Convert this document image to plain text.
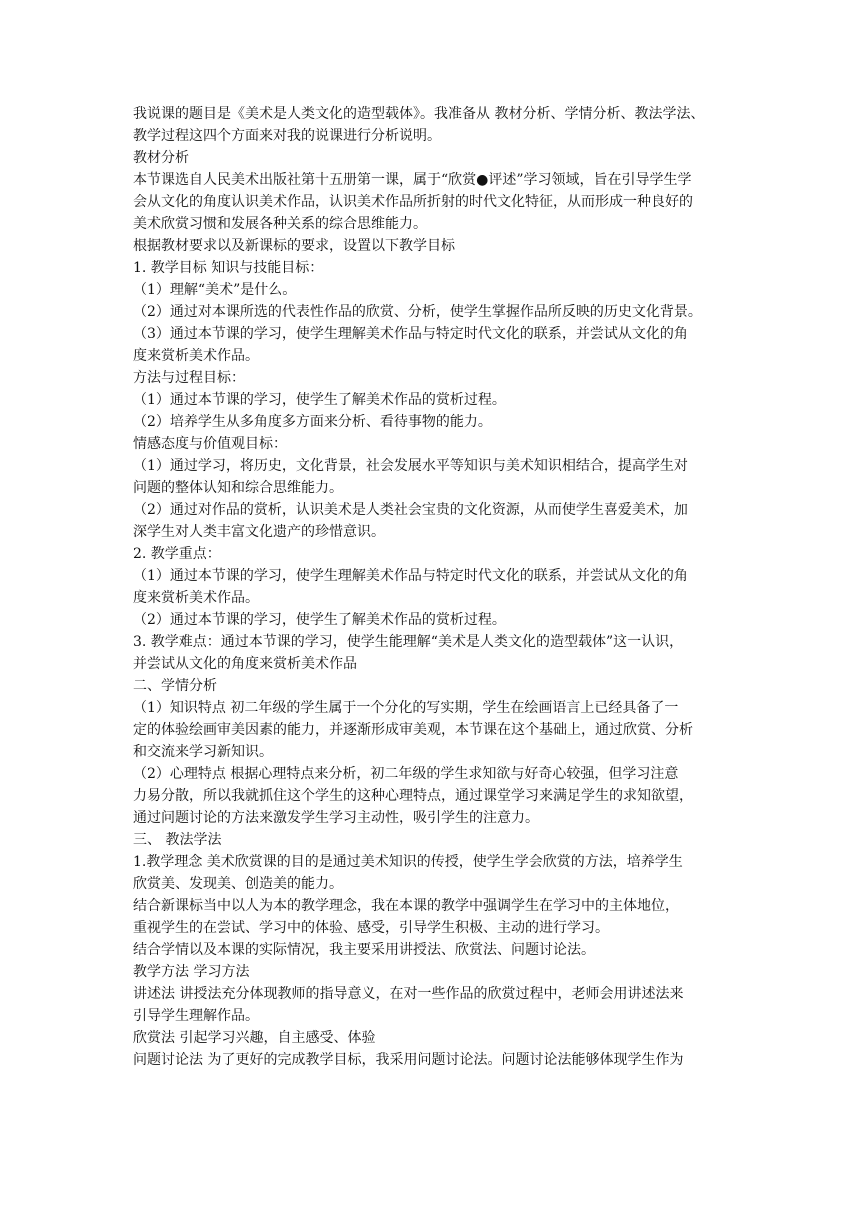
我说课的题目是《美术是人类文化的造型载体》。我准备从 教材分析、学情分析、教法学法、
教学过程这四个方面来对我的说课进行分析说明。
教材分析
本节课选自人民美术出版社第十五册第一课，属于“欣赏●评述”学习领域，旨在引导学生学
会从文化的角度认识美术作品，认识美术作品所折射的时代文化特征，从而形成一种良好的
美术欣赏习惯和发展各种关系的综合思维能力。
根据教材要求以及新课标的要求，设置以下教学目标
1. 教学目标 知识与技能目标：
（1）理解“美术”是什么。
（2）通过对本课所选的代表性作品的欣赏、分析，使学生掌握作品所反映的历史文化背景。
（3）通过本节课的学习，使学生理解美术作品与特定时代文化的联系，并尝试从文化的角
度来赏析美术作品。
方法与过程目标：
（1）通过本节课的学习，使学生了解美术作品的赏析过程。
（2）培养学生从多角度多方面来分析、看待事物的能力。
情感态度与价值观目标：
（1）通过学习，将历史，文化背景，社会发展水平等知识与美术知识相结合，提高学生对
问题的整体认知和综合思维能力。
（2）通过对作品的赏析，认识美术是人类社会宝贵的文化资源，从而使学生喜爱美术，加
深学生对人类丰富文化遗产的珍惜意识。
2. 教学重点：
（1）通过本节课的学习，使学生理解美术作品与特定时代文化的联系，并尝试从文化的角
度来赏析美术作品。
（2）通过本节课的学习，使学生了解美术作品的赏析过程。
3. 教学难点：通过本节课的学习，使学生能理解“美术是人类文化的造型载体”这一认识，
并尝试从文化的角度来赏析美术作品
二、学情分析
（1）知识特点 初二年级的学生属于一个分化的写实期，学生在绘画语言上已经具备了一
定的体验绘画审美因素的能力，并逐渐形成审美观，本节课在这个基础上，通过欣赏、分析
和交流来学习新知识。
（2）心理特点 根据心理特点来分析，初二年级的学生求知欲与好奇心较强，但学习注意
力易分散，所以我就抓住这个学生的这种心理特点，通过课堂学习来满足学生的求知欲望，
通过问题讨论的方法来激发学生学习主动性，吸引学生的注意力。
三、 教法学法
1.教学理念 美术欣赏课的目的是通过美术知识的传授，使学生学会欣赏的方法，培养学生
欣赏美、发现美、创造美的能力。
结合新课标当中以人为本的教学理念，我在本课的教学中强调学生在学习中的主体地位，
重视学生的在尝试、学习中的体验、感受，引导学生积极、主动的进行学习。
结合学情以及本课的实际情况，我主要采用讲授法、欣赏法、问题讨论法。
教学方法 学习方法
讲述法 讲授法充分体现教师的指导意义，在对一些作品的欣赏过程中，老师会用讲述法来
引导学生理解作品。
欣赏法 引起学习兴趣，自主感受、体验
问题讨论法 为了更好的完成教学目标，我采用问题讨论法。问题讨论法能够体现学生作为
